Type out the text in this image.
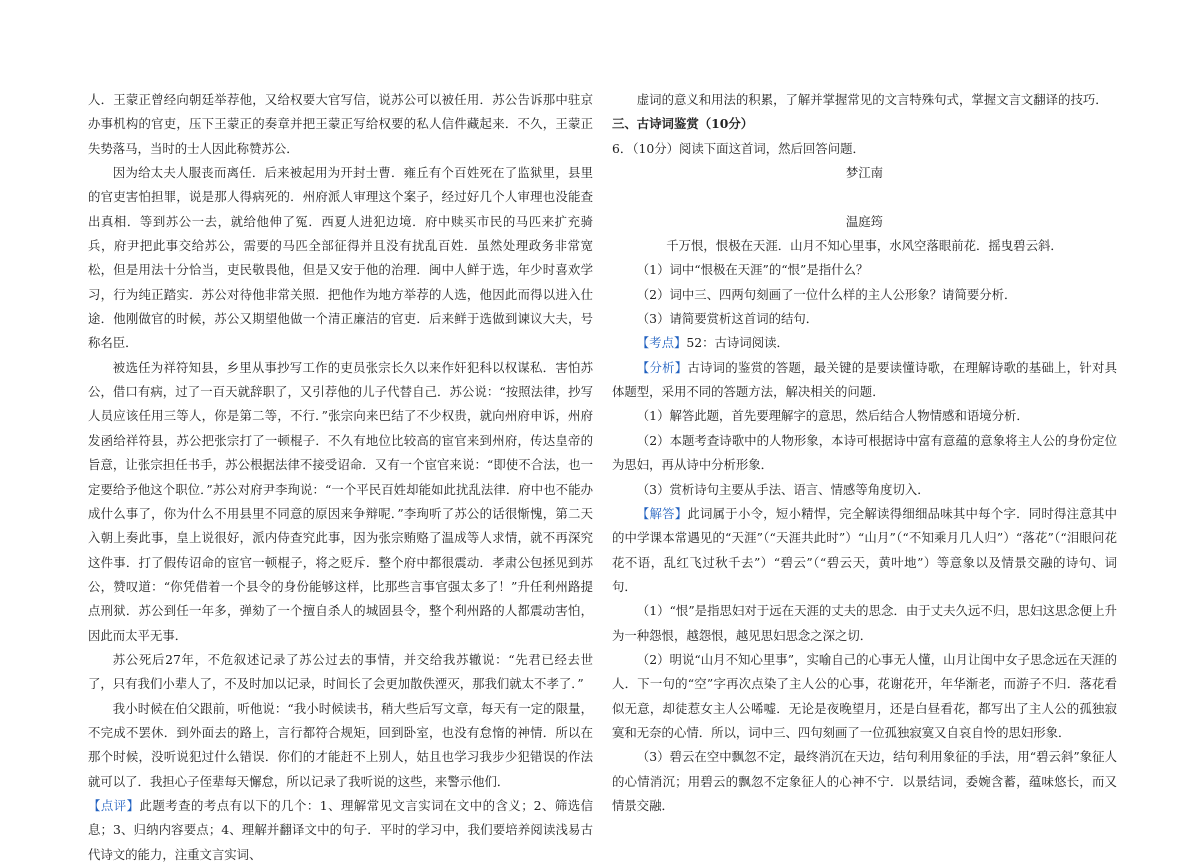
人．王蒙正曾经向朝廷举荐他，又给权要大官写信，说苏公可以被任用．苏公告诉那中驻京办事机构的官吏，压下王蒙正的奏章并把王蒙正写给权要的私人信件藏起来．不久，王蒙正失势落马，当时的士人因此称赞苏公．

因为给太夫人服丧而离任．后来被起用为开封士曹．雍丘有个百姓死在了监狱里，县里的官吏害怕担罪，说是那人得病死的．州府派人审理这个案子，经过好几个人审理也没能查出真相．等到苏公一去，就给他伸了冤．西夏人进犯边境．府中赎买市民的马匹来扩充骑兵，府尹把此事交给苏公，需要的马匹全部征得并且没有扰乱百姓．虽然处理政务非常宽松，但是用法十分恰当，吏民敬畏他，但是又安于他的治理．闽中人鲜于选，年少时喜欢学习，行为纯正踏实．苏公对待他非常关照．把他作为地方举荐的人选，他因此而得以进入仕途．他刚做官的时候，苏公又期望他做一个清正廉洁的官吏．后来鲜于选做到谏议大夫，号称名臣．

被选任为祥符知县，乡里从事抄写工作的吏员张宗长久以来作奸犯科以权谋私．害怕苏公，借口有病，过了一百天就辞职了，又引荐他的儿子代替自己．苏公说：“按照法律，抄写人员应该任用三等人，你是第二等，不行．”张宗向来巴结了不少权贵，就向州府申诉，州府发函给祥符县，苏公把张宗打了一顿棍子．不久有地位比较高的宦官来到州府，传达皇帝的旨意，让张宗担任书手，苏公根据法律不接受诏命．又有一个宦官来说：“即使不合法，也一定要给予他这个职位．”苏公对府尹李珣说：“一个平民百姓却能如此扰乱法律．府中也不能办成什么事了，你为什么不用县里不同意的原因来争辩呢．”李珣听了苏公的话很惭愧，第二天入朝上奏此事，皇上说很好，派内侍查究此事，因为张宗贿赂了温成等人求情，就不再深究这件事．打了假传诏命的宦官一顿棍子，将之贬斥．整个府中都很震动．孝肃公包拯见到苏公，赞叹道：“你凭借着一个县令的身份能够这样，比那些言事官强太多了！”升任利州路提点刑狱．苏公到任一年多，弹劾了一个擅自杀人的城固县令，整个利州路的人都震动害怕，因此而太平无事．

苏公死后27年，不危叙述记录了苏公过去的事情，并交给我苏辙说：“先君已经去世了，只有我们小辈人了，不及时加以记录，时间长了会更加散佚湮灭，那我们就太不孝了．”

我小时候在伯父跟前，听他说：“我小时候读书，稍大些后写文章，每天有一定的限量，不完成不罢休．到外面去的路上，言行都符合规矩，回到卧室，也没有怠惰的神情．所以在那个时候，没听说犯过什么错误．你们的才能赶不上别人，姑且也学习我步少犯错误的作法就可以了．我担心子侄辈每天懈怠，所以记录了我听说的这些，来警示他们．

【点评】此题考查的考点有以下的几个：1、理解常见文言实词在文中的含义；2、筛选信息；3、归纳内容要点；4、理解并翻译文中的句子．平时的学习中，我们要培养阅读浅易古代诗文的能力，注重文言实词、

虚词的意义和用法的积累，了解并掌握常见的文言特殊句式，掌握文言文翻译的技巧．

三、古诗词鉴赏（10分）

6．（10分）阅读下面这首词，然后回答问题．

梦江南

温庭筠

千万恨，恨极在天涯．山月不知心里事，水风空落眼前花．摇曳碧云斜．

（1）词中“恨极在天涯”的“恨”是指什么？

（2）词中三、四两句刻画了一位什么样的主人公形象？请简要分析．

（3）请简要赏析这首词的结句．

【考点】52：古诗词阅读．

【分析】古诗词的鉴赏的答题，最关键的是要读懂诗歌，在理解诗歌的基础上，针对具体题型，采用不同的答题方法，解决相关的问题．

（1）解答此题，首先要理解字的意思，然后结合人物情感和语境分析．

（2）本题考查诗歌中的人物形象，本诗可根据诗中富有意蕴的意象将主人公的身份定位为思妇，再从诗中分析形象．

（3）赏析诗句主要从手法、语言、情感等角度切入．

【解答】此词属于小令，短小精悍，完全解读得细细品味其中每个字．同时得注意其中的中学课本常遇见的“天涯”（“天涯共此时”）“山月”（“不知乘月几人归”）“落花”（“泪眼问花花不语，乱红飞过秋千去”）“碧云”（“碧云天，黄叶地”）等意象以及情景交融的诗句、词句．

（1）“恨”是指思妇对于远在天涯的丈夫的思念．由于丈夫久远不归，思妇这思念便上升为一种怨恨，越怨恨，越见思妇思念之深之切．

（2）明说“山月不知心里事”，实喻自己的心事无人懂，山月让闺中女子思念远在天涯的人．下一句的“空”字再次点染了主人公的心事，花谢花开，年华渐老，而游子不归．落花看似无意，却徒惹女主人公唏嘘．无论是夜晚望月，还是白昼看花，都写出了主人公的孤独寂寞和无奈的心情．所以，词中三、四句刻画了一位孤独寂寞又自哀自怜的思妇形象．

（3）碧云在空中飘忽不定，最终消沉在天边，结句利用象征的手法，用“碧云斜”象征人的心情消沉；用碧云的飘忽不定象征人的心神不宁．以景结词，委婉含蓄，蕴味悠长，而又情景交融．
